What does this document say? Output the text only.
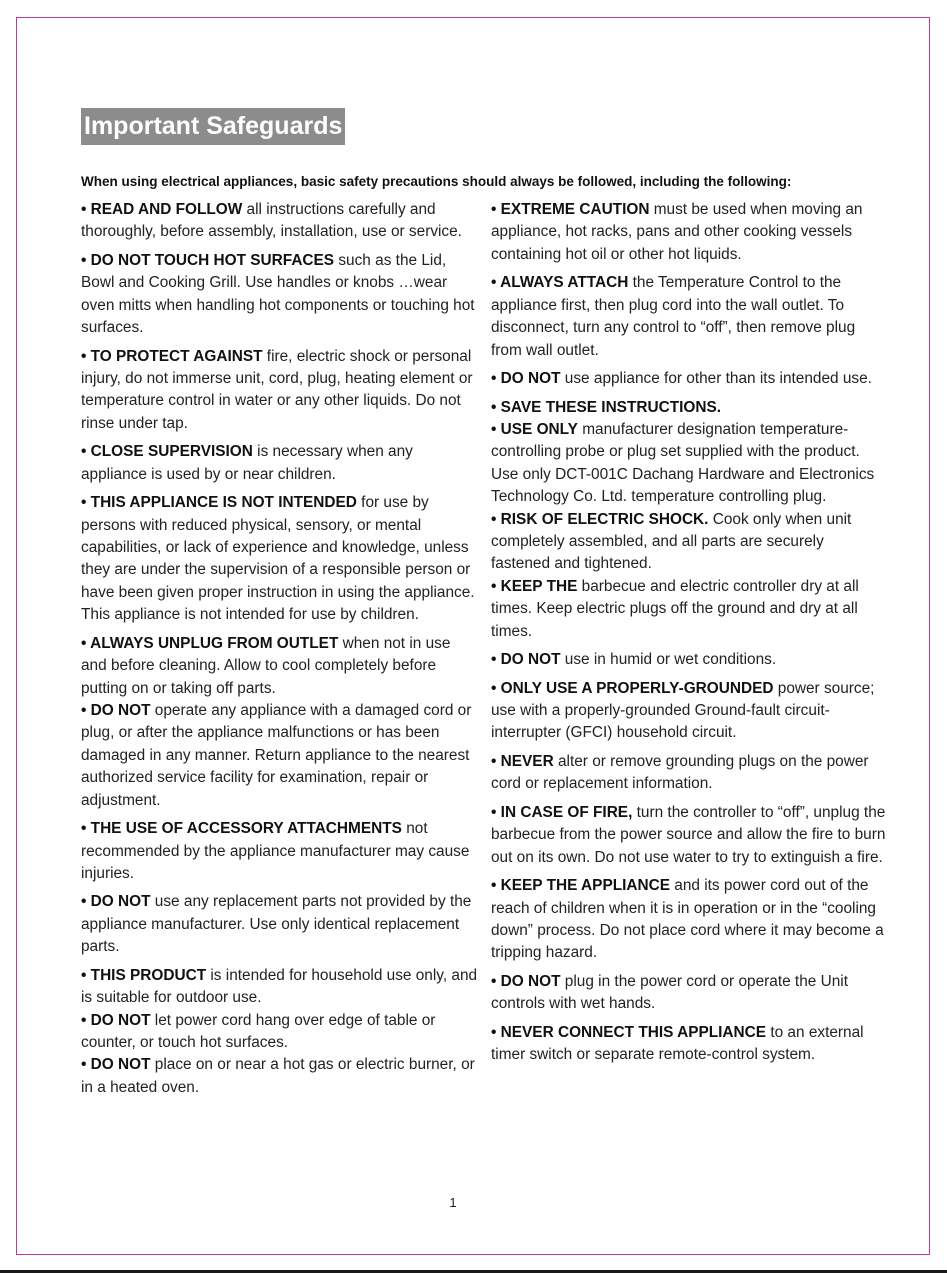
Important Safeguards
When using electrical appliances, basic safety precautions should always be followed, including the following:

• READ AND FOLLOW all instructions carefully and thoroughly, before assembly, installation, use or service.

• DO NOT TOUCH HOT SURFACES such as the Lid, Bowl and Cooking Grill. Use handles or knobs …wear oven mitts when handling hot components or touching hot surfaces.

• TO PROTECT AGAINST fire, electric shock or personal injury, do not immerse unit, cord, plug, heating element or temperature control in water or any other liquids. Do not rinse under tap.

• CLOSE SUPERVISION is necessary when any appliance is used by or near children.

• THIS APPLIANCE IS NOT INTENDED for use by persons with reduced physical, sensory, or mental capabilities, or lack of experience and knowledge, unless they are under the supervision of a responsible person or have been given proper instruction in using the appliance. This appliance is not intended for use by children.

• ALWAYS UNPLUG FROM OUTLET when not in use and before cleaning. Allow to cool completely before putting on or taking off parts.

• DO NOT operate any appliance with a damaged cord or plug, or after the appliance malfunctions or has been damaged in any manner. Return appliance to the nearest authorized service facility for examination, repair or adjustment.

• THE USE OF ACCESSORY ATTACHMENTS not recommended by the appliance manufacturer may cause injuries.

• DO NOT use any replacement parts not provided by the appliance manufacturer. Use only identical replacement parts.

• THIS PRODUCT is intended for household use only, and is suitable for outdoor use.

• DO NOT let power cord hang over edge of table or counter, or touch hot surfaces.

• DO NOT place on or near a hot gas or electric burner, or in a heated oven.

• EXTREME CAUTION must be used when moving an appliance, hot racks, pans and other cooking vessels containing hot oil or other hot liquids.

• ALWAYS ATTACH the Temperature Control to the appliance first, then plug cord into the wall outlet. To disconnect, turn any control to “off”, then remove plug from wall outlet.

• DO NOT use appliance for other than its intended use.

• SAVE THESE INSTRUCTIONS.

• USE ONLY manufacturer designation temperature-controlling probe or plug set supplied with the product. Use only DCT-001C Dachang Hardware and Electronics Technology Co. Ltd. temperature controlling plug.

• RISK OF ELECTRIC SHOCK. Cook only when unit completely assembled, and all parts are securely fastened and tightened.

• KEEP THE barbecue and electric controller dry at all times. Keep electric plugs off the ground and dry at all times.

• DO NOT use in humid or wet conditions.

• ONLY USE A PROPERLY-GROUNDED power source; use with a properly-grounded Ground-fault circuit-interrupter (GFCI) household circuit.

• NEVER alter or remove grounding plugs on the power cord or replacement information.

• IN CASE OF FIRE, turn the controller to “off”, unplug the barbecue from the power source and allow the fire to burn out on its own. Do not use water to try to extinguish a fire.

• KEEP THE APPLIANCE and its power cord out of the reach of children when it is in operation or in the “cooling down” process. Do not place cord where it may become a tripping hazard.

• DO NOT plug in the power cord or operate the Unit controls with wet hands.

• NEVER CONNECT THIS APPLIANCE to an external timer switch or separate remote-control system.

1
